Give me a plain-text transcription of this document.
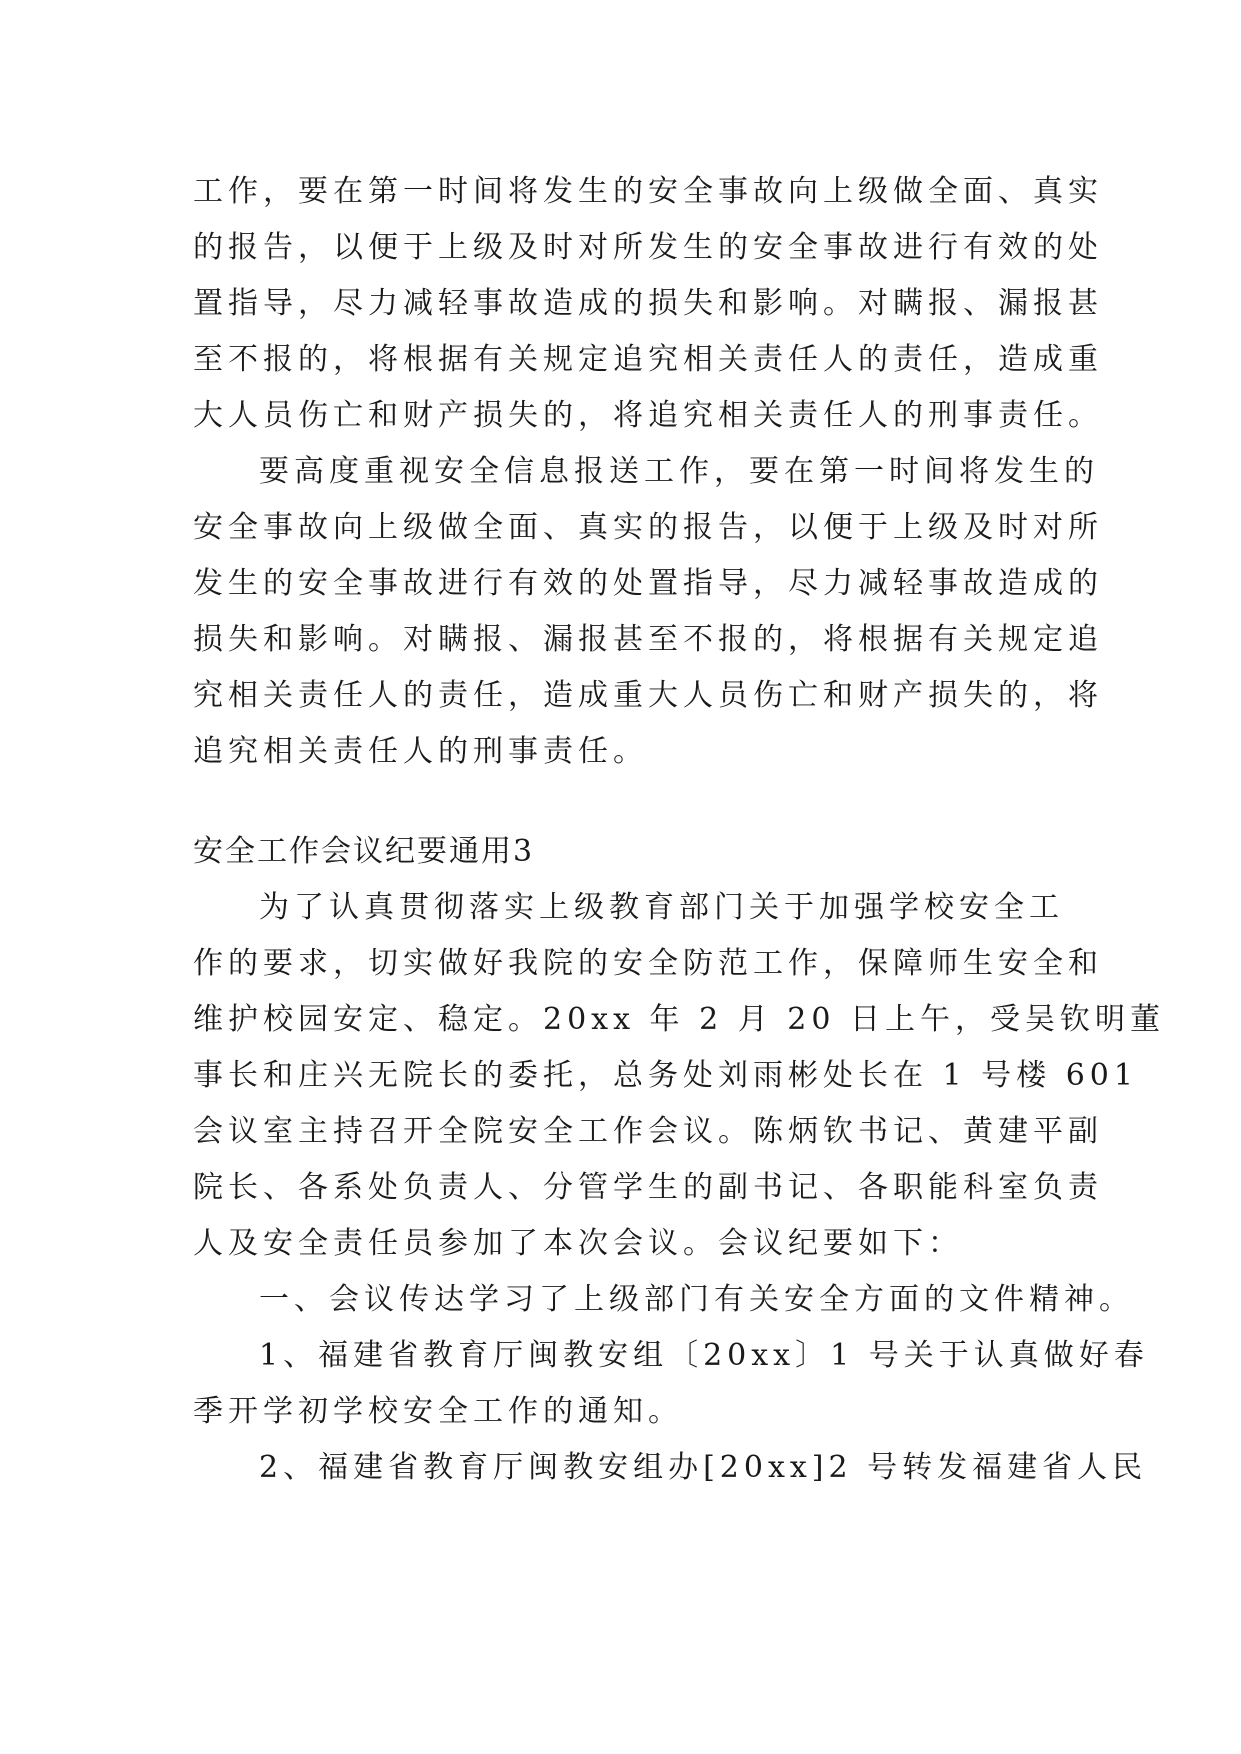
工作，要在第一时间将发生的安全事故向上级做全面、真实
的报告，以便于上级及时对所发生的安全事故进行有效的处
置指导，尽力减轻事故造成的损失和影响。对瞒报、漏报甚
至不报的，将根据有关规定追究相关责任人的责任，造成重
大人员伤亡和财产损失的，将追究相关责任人的刑事责任。
要高度重视安全信息报送工作，要在第一时间将发生的
安全事故向上级做全面、真实的报告，以便于上级及时对所
发生的安全事故进行有效的处置指导，尽力减轻事故造成的
损失和影响。对瞒报、漏报甚至不报的，将根据有关规定追
究相关责任人的责任，造成重大人员伤亡和财产损失的，将
追究相关责任人的刑事责任。
安全工作会议纪要通用3
为了认真贯彻落实上级教育部门关于加强学校安全工
作的要求，切实做好我院的安全防范工作，保障师生安全和
维护校园安定、稳定。20xx 年 2 月 20 日上午，受吴钦明董
事长和庄兴无院长的委托，总务处刘雨彬处长在 1 号楼 601
会议室主持召开全院安全工作会议。陈炳钦书记、黄建平副
院长、各系处负责人、分管学生的副书记、各职能科室负责
人及安全责任员参加了本次会议。会议纪要如下：
一、会议传达学习了上级部门有关安全方面的文件精神。
1、福建省教育厅闽教安组〔20xx〕1 号关于认真做好春
季开学初学校安全工作的通知。
2、福建省教育厅闽教安组办[20xx]2 号转发福建省人民
